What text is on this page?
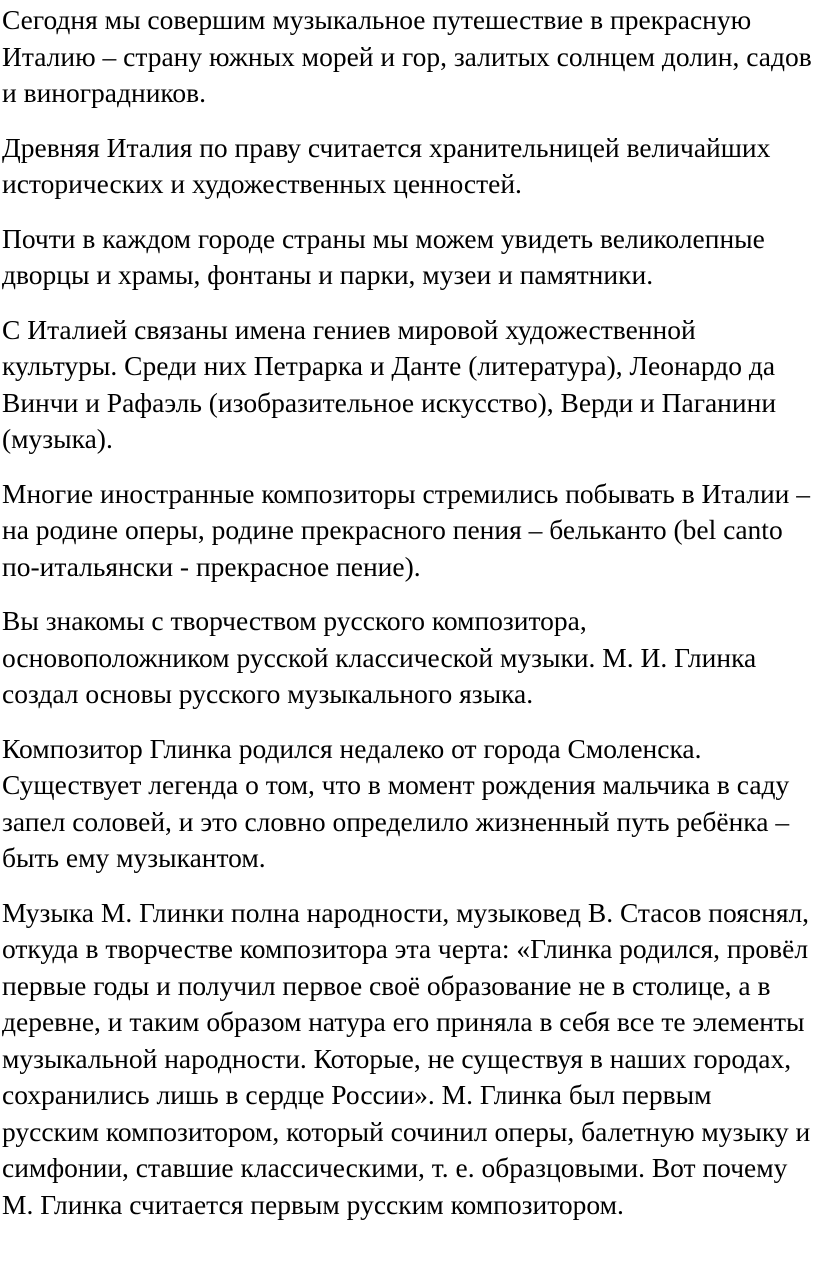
Сегодня мы совершим музыкальное путешествие в прекрасную Италию – страну южных морей и гор, залитых солнцем долин, садов и виноградников.

Древняя Италия по праву считается хранительницей величайших исторических и художественных ценностей.

Почти в каждом городе страны мы можем увидеть великолепные дворцы и храмы, фонтаны и парки, музеи и памятники.

С Италией связаны имена гениев мировой художественной культуры. Среди них Петрарка и Данте (литература), Леонардо да Винчи и Рафаэль (изобразительное искусство), Верди и Паганини (музыка).

Многие иностранные композиторы стремились побывать в Италии – на родине оперы, родине прекрасного пения – бельканто (bel canto по-итальянски - прекрасное пение).

Вы знакомы с творчеством русского композитора, основоположником русской классической музыки. М. И. Глинка создал основы русского музыкального языка.

Композитор Глинка родился недалеко от города Смоленска. Существует легенда о том, что в момент рождения мальчика в саду запел соловей, и это словно определило жизненный путь ребёнка – быть ему музыкантом.

Музыка М. Глинки полна народности, музыковед В. Стасов пояснял, откуда в творчестве композитора эта черта: «Глинка родился, провёл первые годы и получил первое своё образование не в столице, а в деревне, и таким образом натура его приняла в себя все те элементы музыкальной народности. Которые, не существуя в наших городах, сохранились лишь в сердце России». М. Глинка был первым русским композитором, который сочинил оперы, балетную музыку и симфонии, ставшие классическими, т. е. образцовыми. Вот почему М. Глинка считается первым русским композитором.
